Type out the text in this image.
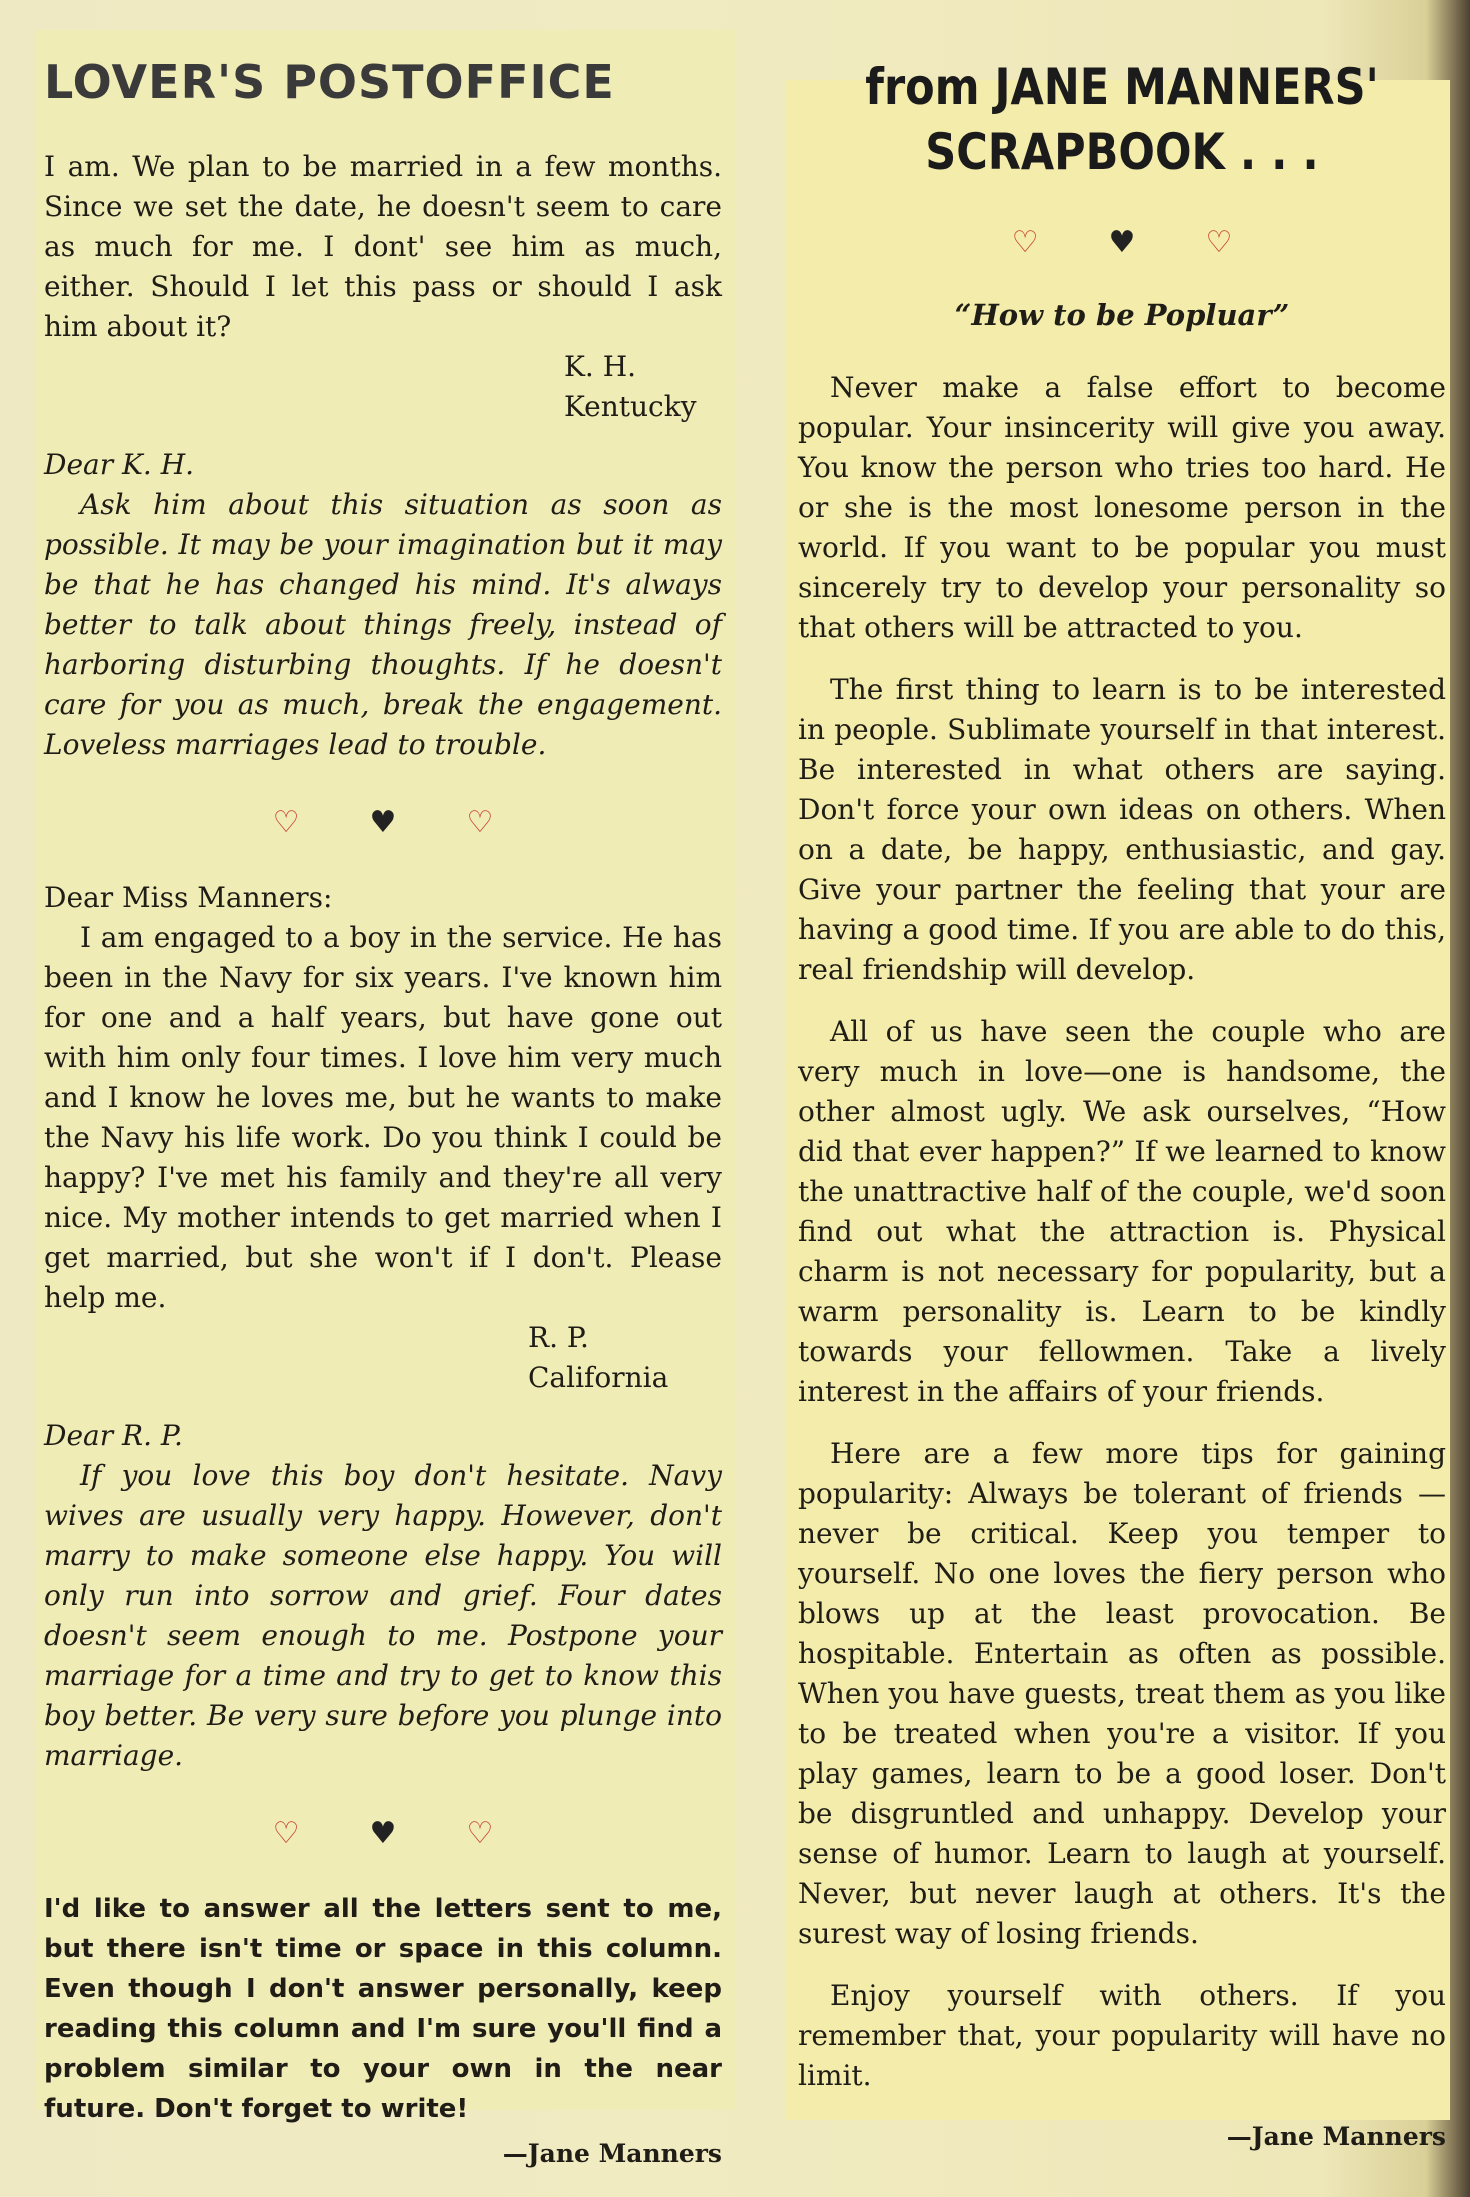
LOVER'S POSTOFFICE

I am. We plan to be married in a few months. Since we set the date, he doesn't seem to care as much for me. I dont' see him as much, either. Should I let this pass or should I ask him about it?

K. H.
Kentucky
Dear K. H.

Ask him about this situation as soon as possible. It may be your imagination but it may be that he has changed his mind. It's always better to talk about things freely, instead of harboring disturbing thoughts. If he doesn't care for you as much, break the engagement. Loveless marriages lead to trouble.

♡♥♡
Dear Miss Manners:

I am engaged to a boy in the service. He has been in the Navy for six years. I've known him for one and a half years, but have gone out with him only four times. I love him very much and I know he loves me, but he wants to make the Navy his life work. Do you think I could be happy? I've met his family and they're all very nice. My mother intends to get married when I get married, but she won't if I don't. Please help me.

R. P.
California
Dear R. P.

If you love this boy don't hesitate. Navy wives are usually very happy. However, don't marry to make someone else happy. You will only run into sorrow and grief. Four dates doesn't seem enough to me. Postpone your marriage for a time and try to get to know this boy better. Be very sure before you plunge into marriage.

♡♥♡

I'd like to answer all the letters sent to me, but there isn't time or space in this column. Even though I don't answer personally, keep reading this column and I'm sure you'll find a problem similar to your own in the near future. Don't forget to write!

—Jane Manners
from JANE MANNERS'
SCRAPBOOK . . .
♡♥♡
“How to be Popluar”

Never make a false effort to become popular. Your insincerity will give you away. You know the person who tries too hard. He or she is the most lonesome person in the world. If you want to be popular you must sincerely try to develop your personality so that others will be attracted to you.

The first thing to learn is to be interested in people. Sublimate yourself in that interest. Be interested in what others are saying. Don't force your own ideas on others. When on a date, be happy, enthusiastic, and gay. Give your partner the feeling that your are having a good time. If you are able to do this, real friendship will develop.

All of us have seen the couple who are very much in love—one is handsome, the other almost ugly. We ask ourselves, “How did that ever happen?” If we learned to know the unattractive half of the couple, we'd soon find out what the attraction is. Physical charm is not necessary for popularity, but a warm personality is. Learn to be kindly towards your fellowmen. Take a lively interest in the affairs of your friends.

Here are a few more tips for gaining popularity: Always be tolerant of friends — never be critical. Keep you temper to yourself. No one loves the fiery person who blows up at the least provocation. Be hospitable. Entertain as often as possible. When you have guests, treat them as you like to be treated when you're a visitor. If you play games, learn to be a good loser. Don't be disgruntled and unhappy. Develop your sense of humor. Learn to laugh at yourself. Never, but never laugh at others. It's the surest way of losing friends.

Enjoy yourself with others. If you remember that, your popularity will have no limit.

—Jane Manners
